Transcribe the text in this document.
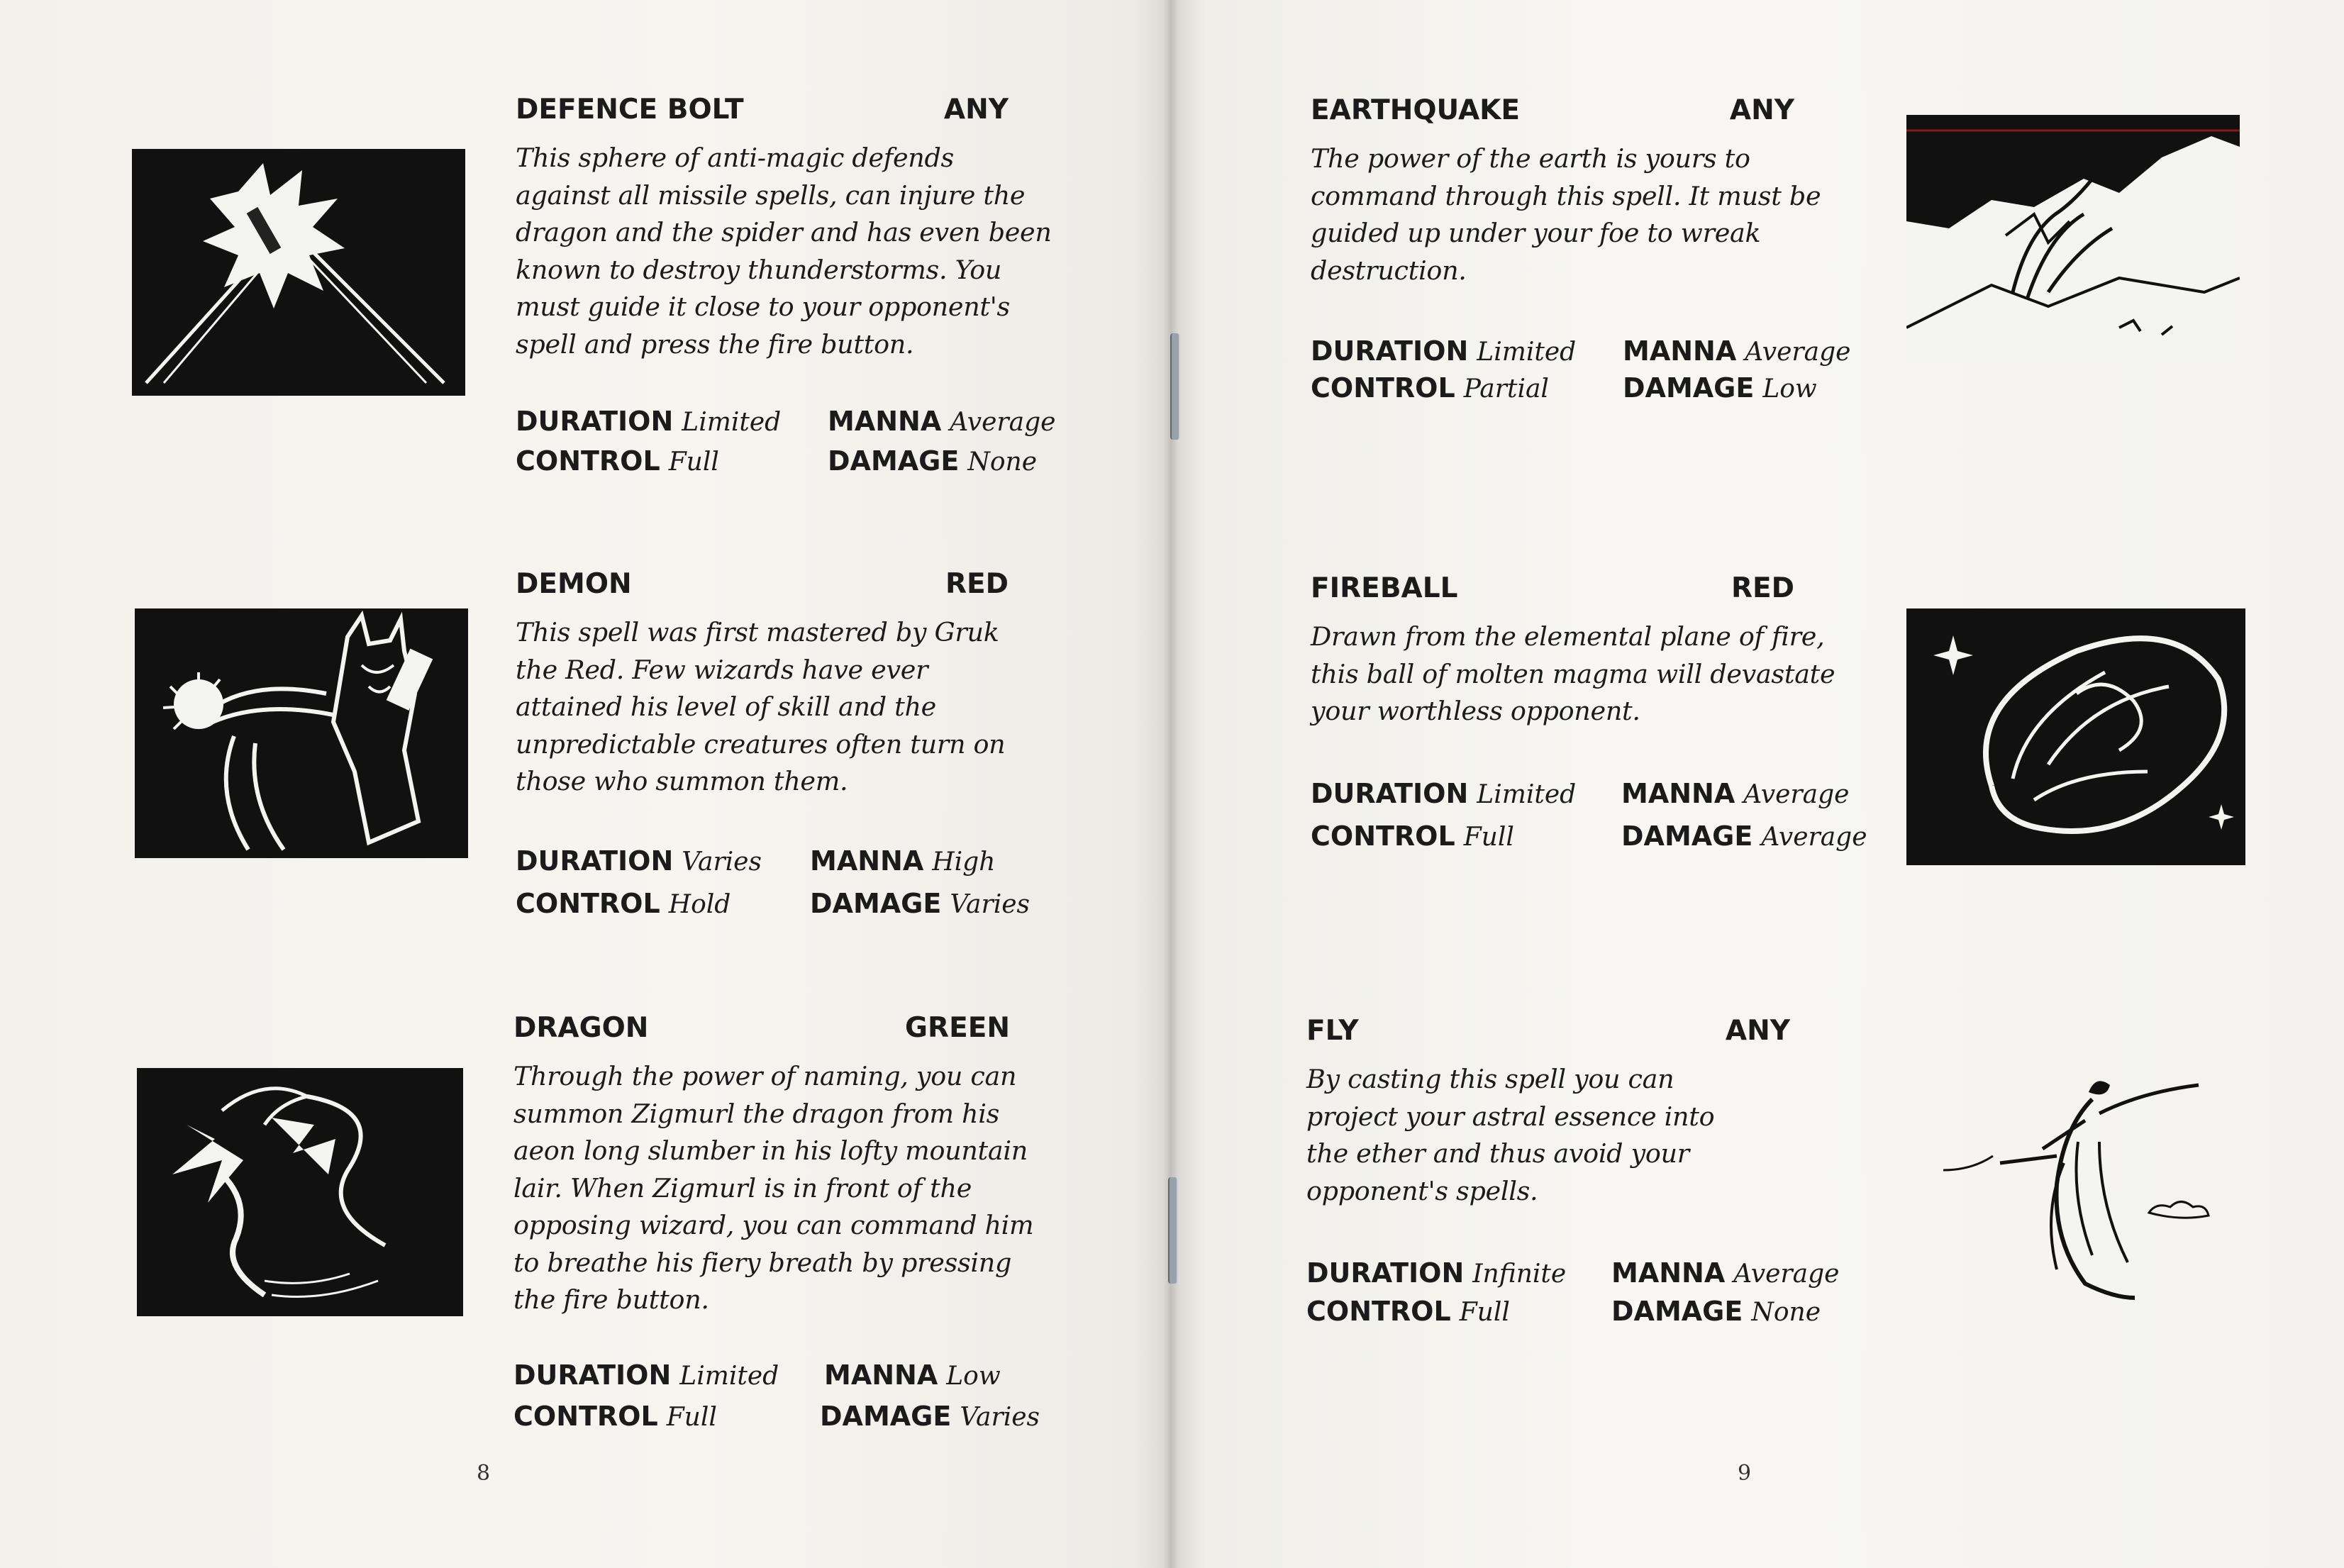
DEFENCE BOLT	ANY
This sphere of anti-magic defends
against all missile spells, can injure the
dragon and the spider and has even been
known to destroy thunderstorms. You
must guide it close to your opponent's
spell and press the fire button.
DURATION Limited MANNA Average
CONTROL Full	DAMAGE None
DEMON	RED
This spell was first mastered by Gruk
the Red. Few wizards have ever
attained his level of skill and the
unpredictable creatures often turn on
those who summon them.
DURATION Varies MANNA High
CONTROL Hold	DAMAGE Varies
DRAGON	GREEN
Through the power of naming, you can
summon Zigmurl the dragon from his
aeon long slumber in his lofty mountain
lair. When Zigmurl is in front of the
opposing wizard, you can command him
to breathe his fiery breath by pressing
the fire button.
DURATION Limited MANNA Low
CONTROL Full	DAMAGE Varies
8
EARTHQUAKE	ANY
The power of the earth is yours to
command through this spell. It must be
guided up under your foe to wreak
destruction.
DURATION Limited MANNA Average
CONTROL Partial	DAMAGE Low
FIREBALL	RED
Drawn from the elemental plane of fire,
this ball of molten magma will devastate
your worthless opponent.
DURATION Limited MANNA Average
CONTROL Full	DAMAGE Average
FLY	ANY
By casting this spell you can
project your astral essence into
the ether and thus avoid your
opponent's spells.
DURATION Infinite MANNA Average
CONTROL Full	DAMAGE None
9
